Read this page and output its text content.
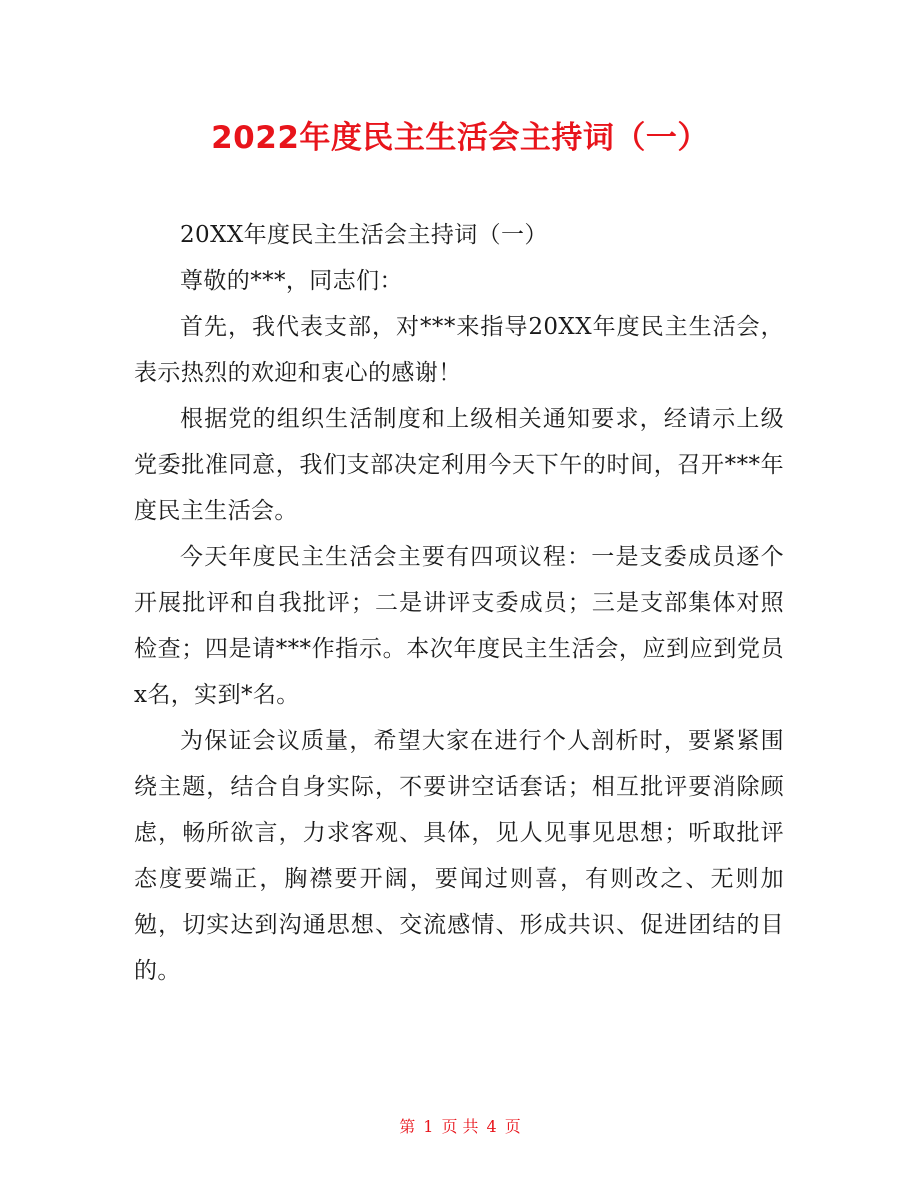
2022年度民主生活会主持词（一）

20XX年度民主生活会主持词（一）

尊敬的***，同志们：

首先，我代表支部，对***来指导20XX年度民主生活会，表示热烈的欢迎和衷心的感谢！

根据党的组织生活制度和上级相关通知要求，经请示上级党委批准同意，我们支部决定利用今天下午的时间，召开***年度民主生活会。

今天年度民主生活会主要有四项议程：一是支委成员逐个开展批评和自我批评；二是讲评支委成员；三是支部集体对照检查；四是请***作指示。本次年度民主生活会，应到应到党员x名，实到*名。

为保证会议质量，希望大家在进行个人剖析时，要紧紧围绕主题，结合自身实际，不要讲空话套话；相互批评要消除顾虑，畅所欲言，力求客观、具体，见人见事见思想；听取批评态度要端正，胸襟要开阔，要闻过则喜，有则改之、无则加勉，切实达到沟通思想、交流感情、形成共识、促进团结的目的。

第 1 页 共 4 页
